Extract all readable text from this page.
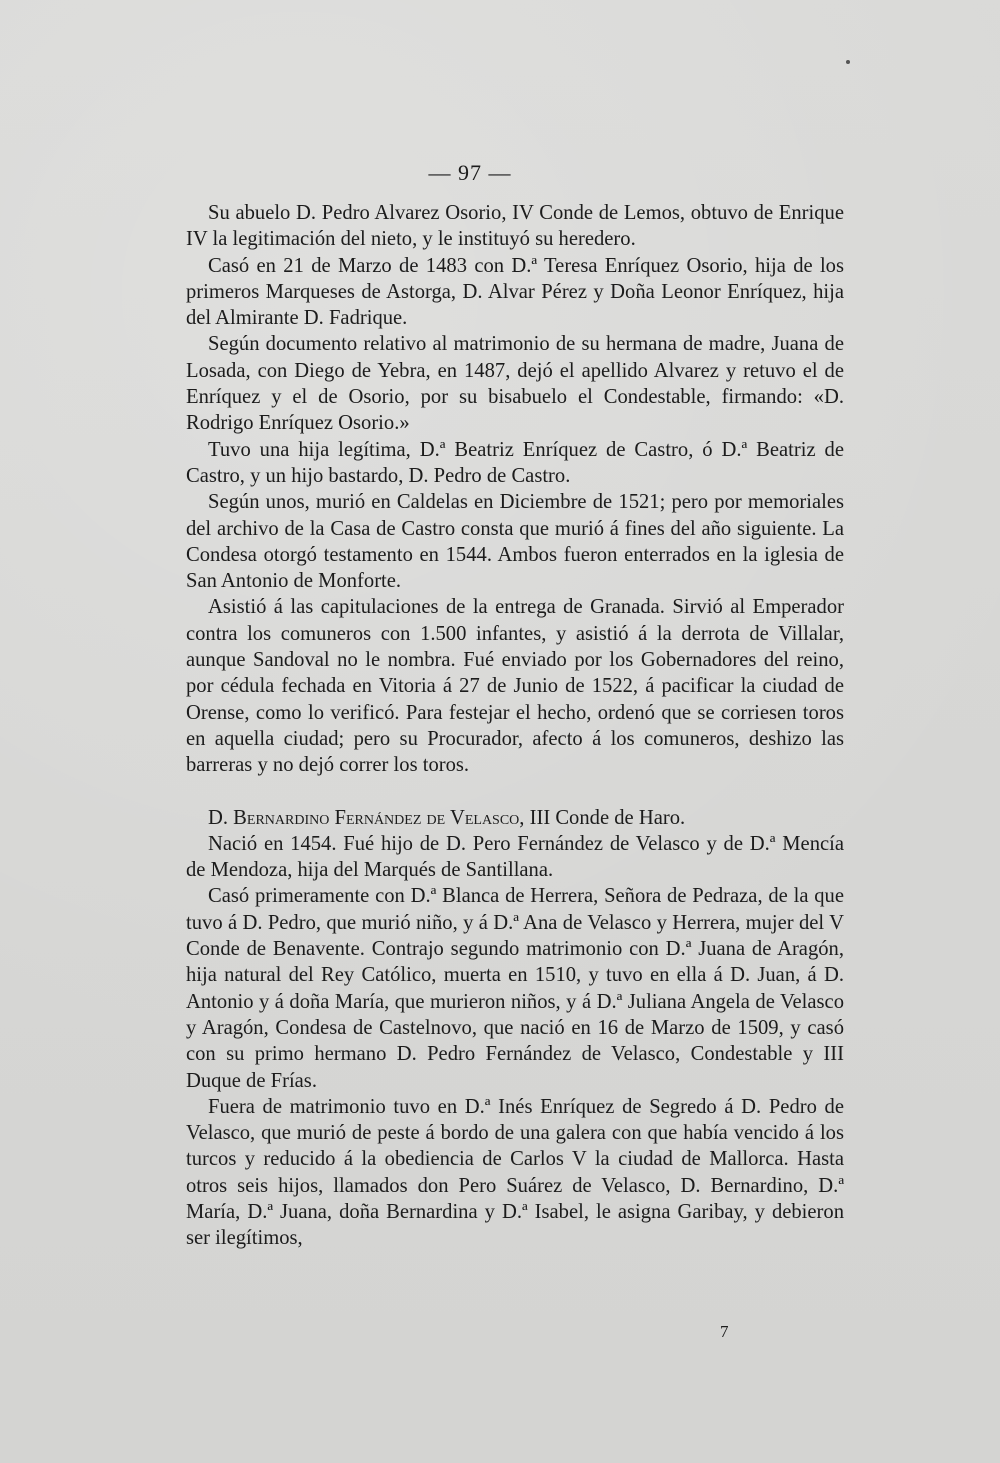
— 97 —

Su abuelo D. Pedro Alvarez Osorio, IV Conde de Lemos, obtuvo de Enrique IV la legitimación del nieto, y le instituyó su heredero.

Casó en 21 de Marzo de 1483 con D.ª Teresa Enríquez Osorio, hija de los primeros Marqueses de Astorga, D. Alvar Pérez y Doña Leonor Enríquez, hija del Almirante D. Fadrique.

Según documento relativo al matrimonio de su hermana de madre, Juana de Losada, con Diego de Yebra, en 1487, dejó el apellido Alvarez y retuvo el de Enríquez y el de Osorio, por su bisabuelo el Condestable, firmando: «D. Rodrigo Enríquez Osorio.»

Tuvo una hija legítima, D.ª Beatriz Enríquez de Castro, ó D.ª Beatriz de Castro, y un hijo bastardo, D. Pedro de Castro.

Según unos, murió en Caldelas en Diciembre de 1521; pero por memoriales del archivo de la Casa de Castro consta que murió á fines del año siguiente. La Condesa otorgó testamento en 1544. Ambos fueron enterrados en la iglesia de San Antonio de Monforte.

Asistió á las capitulaciones de la entrega de Granada. Sirvió al Emperador contra los comuneros con 1.500 infantes, y asistió á la derrota de Villalar, aunque Sandoval no le nombra. Fué enviado por los Gobernadores del reino, por cédula fechada en Vitoria á 27 de Junio de 1522, á pacificar la ciudad de Orense, como lo verificó. Para festejar el hecho, ordenó que se corriesen toros en aquella ciudad; pero su Procurador, afecto á los comuneros, deshizo las barreras y no dejó correr los toros.

D. Bernardino Fernández de Velasco, III Conde de Haro.

Nació en 1454. Fué hijo de D. Pero Fernández de Velasco y de D.ª Mencía de Mendoza, hija del Marqués de Santillana.

Casó primeramente con D.ª Blanca de Herrera, Señora de Pedraza, de la que tuvo á D. Pedro, que murió niño, y á D.ª Ana de Velasco y Herrera, mujer del V Conde de Benavente. Contrajo segundo matrimonio con D.ª Juana de Aragón, hija natural del Rey Católico, muerta en 1510, y tuvo en ella á D. Juan, á D. Antonio y á doña María, que murieron niños, y á D.ª Juliana Angela de Velasco y Aragón, Condesa de Castelnovo, que nació en 16 de Marzo de 1509, y casó con su primo hermano D. Pedro Fernández de Velasco, Condestable y III Duque de Frías.

Fuera de matrimonio tuvo en D.ª Inés Enríquez de Segredo á D. Pedro de Velasco, que murió de peste á bordo de una galera con que había vencido á los turcos y reducido á la obediencia de Carlos V la ciudad de Mallorca. Hasta otros seis hijos, llamados don Pero Suárez de Velasco, D. Bernardino, D.ª María, D.ª Juana, doña Bernardina y D.ª Isabel, le asigna Garibay, y debieron ser ilegítimos,

7
